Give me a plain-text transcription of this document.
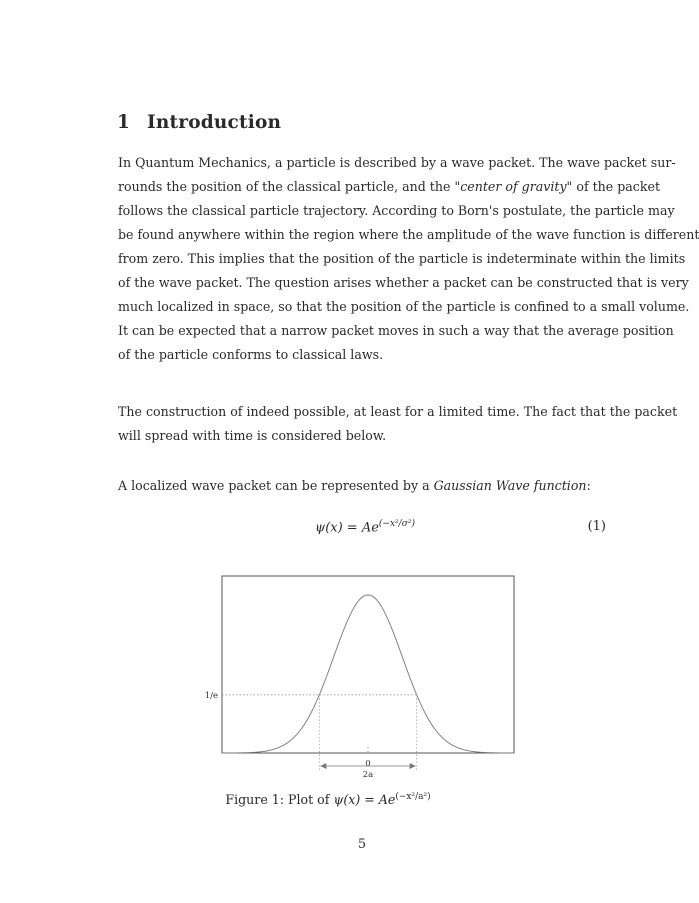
1 Introduction
In Quantum Mechanics, a particle is described by a wave packet. The wave packet sur-
rounds the position of the classical particle, and the "center of gravity" of the packet
follows the classical particle trajectory. According to Born's postulate, the particle may
be found anywhere within the region where the amplitude of the wave function is different
from zero. This implies that the position of the particle is indeterminate within the limits
of the wave packet. The question arises whether a packet can be constructed that is very
much localized in space, so that the position of the particle is confined to a small volume.
It can be expected that a narrow packet moves in such a way that the average position
of the particle conforms to classical laws.
The construction of indeed possible, at least for a limited time. The fact that the packet
will spread with time is considered below.
A localized wave packet can be represented by a Gaussian Wave function:
$\psi(x) = Ae^{(-x^2/\sigma^2)}$	(1)
1/e
0
2a
Figure 1: Plot of $\psi(x) = Ae^{(-x^2/a^2)}$
5
